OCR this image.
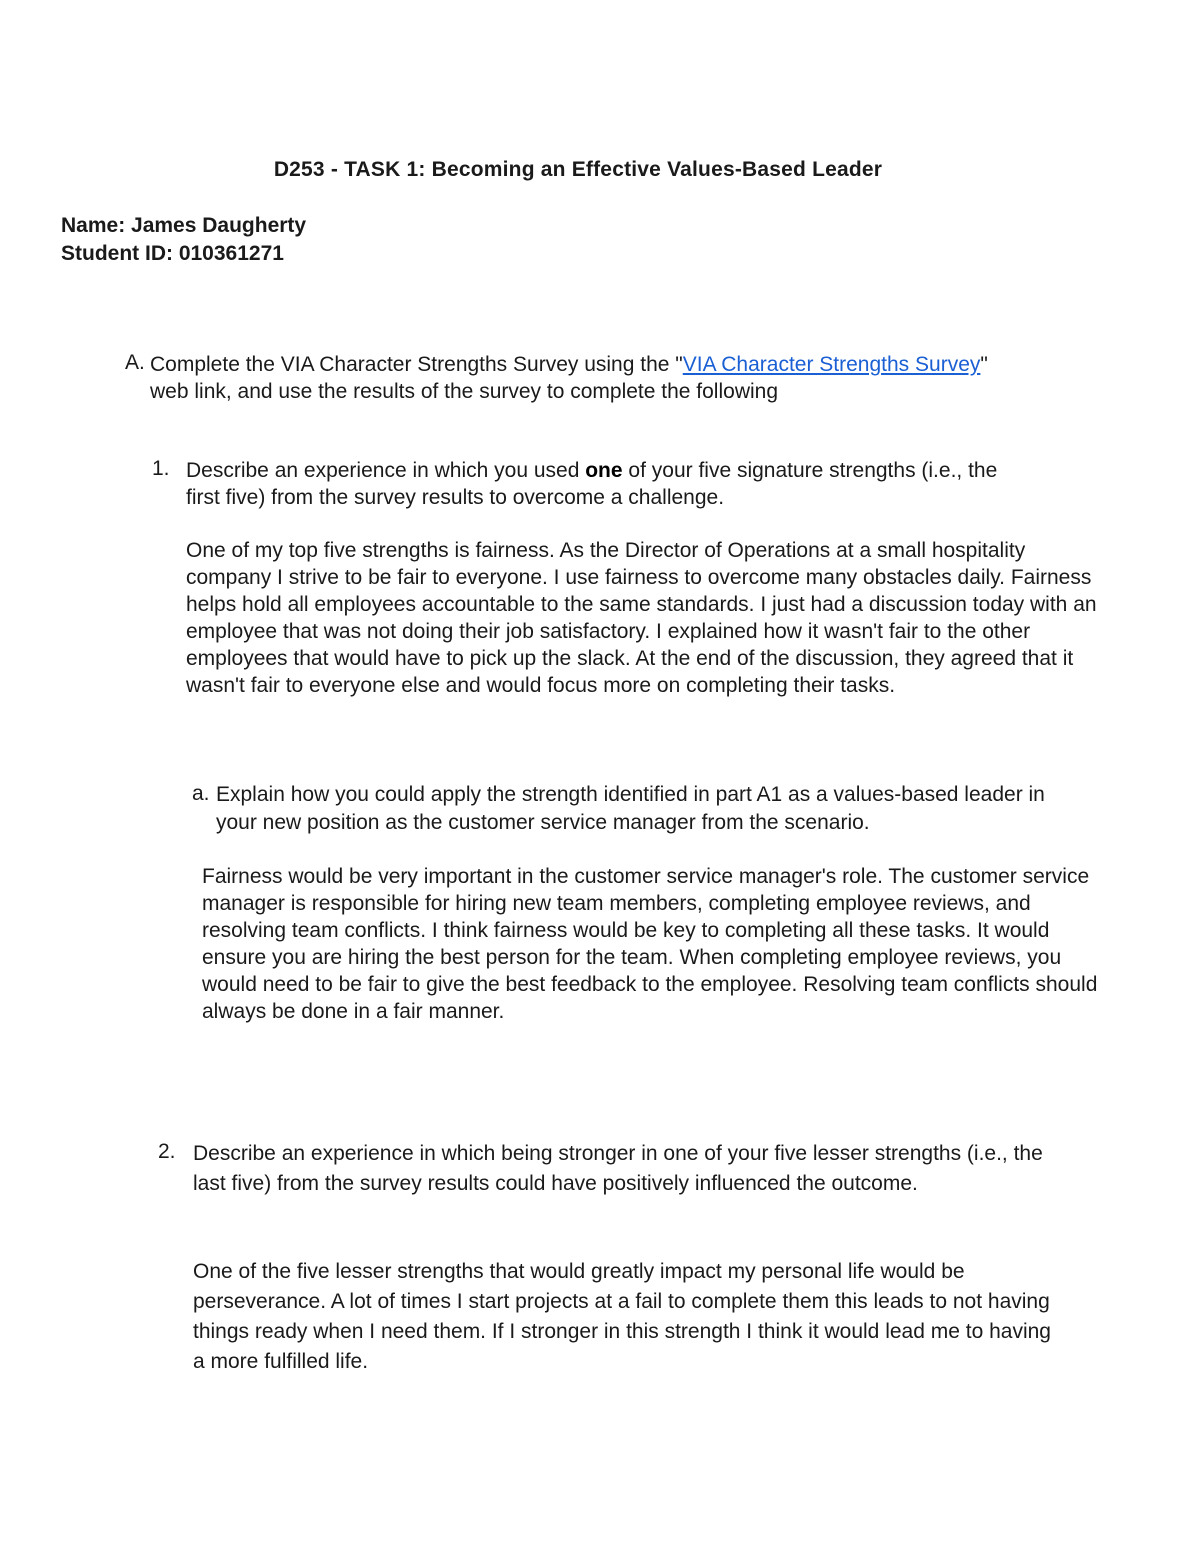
D253 - TASK 1: Becoming an Effective Values-Based Leader
Name: James Daugherty
Student ID: 010361271
A. Complete the VIA Character Strengths Survey using the "VIA Character Strengths Survey"
web link, and use the results of the survey to complete the following
1. Describe an experience in which you used one of your five signature strengths (i.e., the
first five) from the survey results to overcome a challenge.
One of my top five strengths is fairness. As the Director of Operations at a small hospitality company I strive to be fair to everyone. I use fairness to overcome many obstacles daily. Fairness helps hold all employees accountable to the same standards. I just had a discussion today with an employee that was not doing their job satisfactory. I explained how it wasn't fair to the other employees that would have to pick up the slack. At the end of the discussion, they agreed that it wasn't fair to everyone else and would focus more on completing their tasks.
a. Explain how you could apply the strength identified in part A1 as a values-based leader in your new position as the customer service manager from the scenario.
Fairness would be very important in the customer service manager's role. The customer service manager is responsible for hiring new team members, completing employee reviews, and resolving team conflicts. I think fairness would be key to completing all these tasks. It would ensure you are hiring the best person for the team. When completing employee reviews, you would need to be fair to give the best feedback to the employee. Resolving team conflicts should always be done in a fair manner.
2. Describe an experience in which being stronger in one of your five lesser strengths (i.e., the last five) from the survey results could have positively influenced the outcome.
One of the five lesser strengths that would greatly impact my personal life would be perseverance. A lot of times I start projects at a fail to complete them this leads to not having things ready when I need them. If I stronger in this strength I think it would lead me to having a more fulfilled life.
